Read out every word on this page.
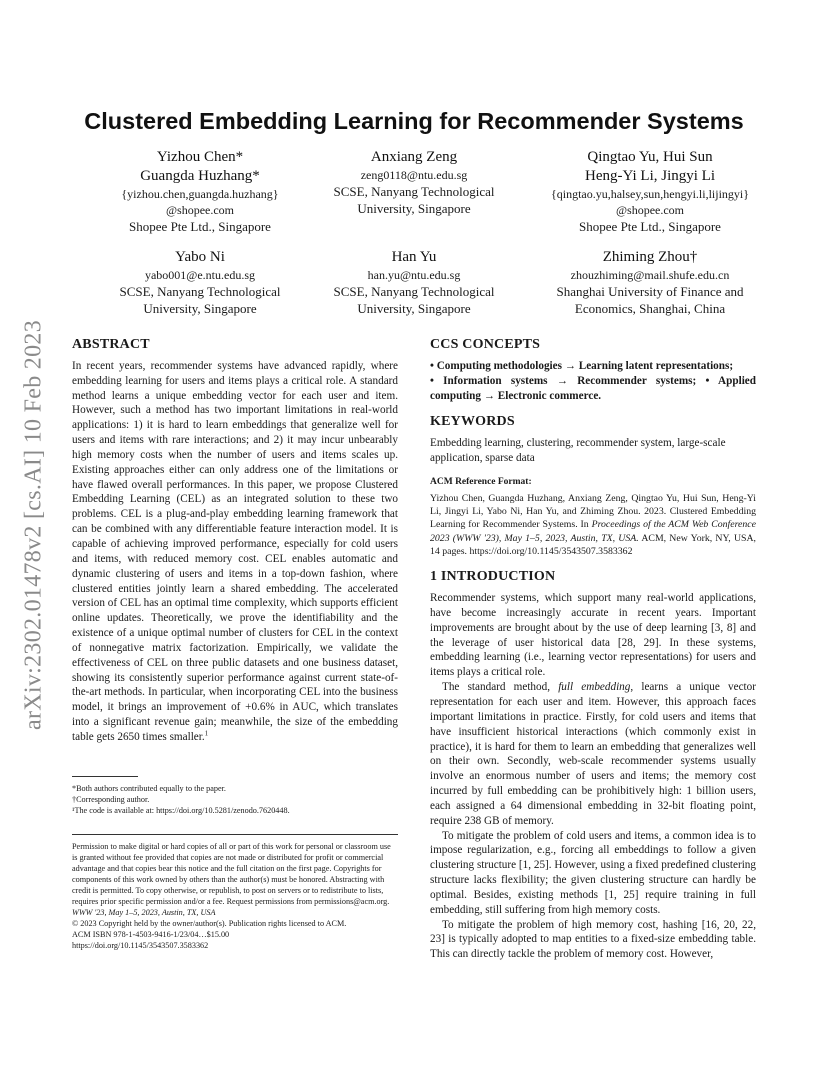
arXiv:2302.01478v2 [cs.AI] 10 Feb 2023
Clustered Embedding Learning for Recommender Systems
Yizhou Chen*
Guangda Huzhang*
{yizhou.chen,guangda.huzhang}
@shopee.com
Shopee Pte Ltd., Singapore
Anxiang Zeng
zeng0118@ntu.edu.sg
SCSE, Nanyang Technological
University, Singapore
Qingtao Yu, Hui Sun
Heng-Yi Li, Jingyi Li
{qingtao.yu,halsey,sun,hengyi.li,lijingyi}
@shopee.com
Shopee Pte Ltd., Singapore
Yabo Ni
yabo001@e.ntu.edu.sg
SCSE, Nanyang Technological
University, Singapore
Han Yu
han.yu@ntu.edu.sg
SCSE, Nanyang Technological
University, Singapore
Zhiming Zhou†
zhouzhiming@mail.shufe.edu.cn
Shanghai University of Finance and
Economics, Shanghai, China
ABSTRACT

In recent years, recommender systems have advanced rapidly, where embedding learning for users and items plays a critical role. A standard method learns a unique embedding vector for each user and item. However, such a method has two important limitations in real-world applications: 1) it is hard to learn embeddings that generalize well for users and items with rare interactions; and 2) it may incur unbearably high memory costs when the number of users and items scales up. Existing approaches either can only address one of the limitations or have flawed overall performances. In this paper, we propose Clustered Embedding Learning (CEL) as an integrated solution to these two problems. CEL is a plug-and-play embedding learning framework that can be combined with any differentiable feature interaction model. It is capable of achieving improved performance, especially for cold users and items, with reduced memory cost. CEL enables automatic and dynamic clustering of users and items in a top-down fashion, where clustered entities jointly learn a shared embedding. The accelerated version of CEL has an optimal time complexity, which supports efficient online updates. Theoretically, we prove the identifiability and the existence of a unique optimal number of clusters for CEL in the context of nonnegative matrix factorization. Empirically, we validate the effectiveness of CEL on three public datasets and one business dataset, showing its consistently superior performance against current state-of-the-art methods. In particular, when incorporating CEL into the business model, it brings an improvement of +0.6% in AUC, which translates into a significant revenue gain; meanwhile, the size of the embedding table gets 2650 times smaller.$^1$

*Both authors contributed equally to the paper.
†Corresponding author.
¹The code is available at: https://doi.org/10.5281/zenodo.7620448.
Permission to make digital or hard copies of all or part of this work for personal or classroom use is granted without fee provided that copies are not made or distributed for profit or commercial advantage and that copies bear this notice and the full citation on the first page. Copyrights for components of this work owned by others than the author(s) must be honored. Abstracting with credit is permitted. To copy otherwise, or republish, to post on servers or to redistribute to lists, requires prior specific permission and/or a fee. Request permissions from permissions@acm.org.
WWW '23, May 1–5, 2023, Austin, TX, USA
© 2023 Copyright held by the owner/author(s). Publication rights licensed to ACM.
ACM ISBN 978-1-4503-9416-1/23/04…$15.00
https://doi.org/10.1145/3543507.3583362
CCS CONCEPTS

• Computing methodologies → Learning latent representations;

• Information systems → Recommender systems; • Applied computing → Electronic commerce.

KEYWORDS

Embedding learning, clustering, recommender system, large-scale application, sparse data

ACM Reference Format:

Yizhou Chen, Guangda Huzhang, Anxiang Zeng, Qingtao Yu, Hui Sun, Heng-Yi Li, Jingyi Li, Yabo Ni, Han Yu, and Zhiming Zhou. 2023. Clustered Embedding Learning for Recommender Systems. In Proceedings of the ACM Web Conference 2023 (WWW '23), May 1–5, 2023, Austin, TX, USA. ACM, New York, NY, USA, 14 pages. https://doi.org/10.1145/3543507.3583362

1 INTRODUCTION

Recommender systems, which support many real-world applications, have become increasingly accurate in recent years. Important improvements are brought about by the use of deep learning [3, 8] and the leverage of user historical data [28, 29]. In these systems, embedding learning (i.e., learning vector representations) for users and items plays a critical role.

The standard method, full embedding, learns a unique vector representation for each user and item. However, this approach faces important limitations in practice. Firstly, for cold users and items that have insufficient historical interactions (which commonly exist in practice), it is hard for them to learn an embedding that generalizes well on their own. Secondly, web-scale recommender systems usually involve an enormous number of users and items; the memory cost incurred by full embedding can be prohibitively high: 1 billion users, each assigned a 64 dimensional embedding in 32-bit floating point, require 238 GB of memory.

To mitigate the problem of cold users and items, a common idea is to impose regularization, e.g., forcing all embeddings to follow a given clustering structure [1, 25]. However, using a fixed predefined clustering structure lacks flexibility; the given clustering structure can hardly be optimal. Besides, existing methods [1, 25] require training in full embedding, still suffering from high memory costs.

To mitigate the problem of high memory cost, hashing [16, 20, 22, 23] is typically adopted to map entities to a fixed-size embedding table. This can directly tackle the problem of memory cost. However,
